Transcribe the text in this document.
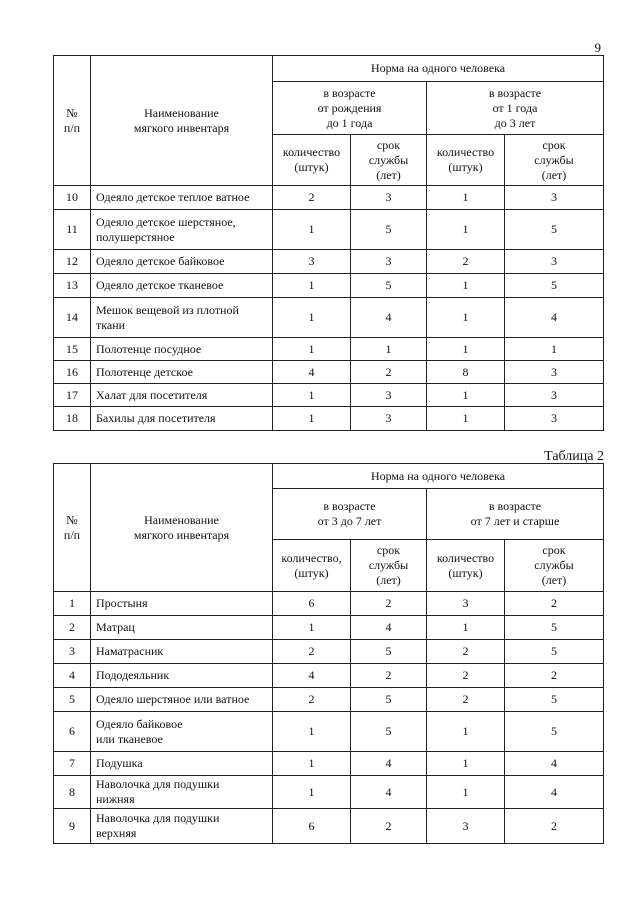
9
№
п/п	Наименование
мягкого инвентаря	Норма на одного человека			
		в возрасте
от рождения
до 1 года		в возрасте
от 1 года
до 3 лет	
		количество
(штук)	срок
службы
(лет)	количество
(штук)	срок
службы
(лет)
10	Одеяло детское теплое ватное	2	3	1	3
11	Одеяло детское шерстяное,
полушерстяное	1	5	1	5
12	Одеяло детское байковое	3	3	2	3
13	Одеяло детское тканевое	1	5	1	5
14	Мешок вещевой из плотной
ткани	1	4	1	4
15	Полотенце посудное	1	1	1	1
16	Полотенце детское	4	2	8	3
17	Халат для посетителя	1	3	1	3
18	Бахилы для посетителя	1	3	1	3
Таблица 2
№
п/п	Наименование
мягкого инвентаря	Норма на одного человека			
		в возрасте
от 3 до 7 лет		в возрасте
от 7 лет и старше	
		количество,
(штук)	срок
службы
(лет)	количество
(штук)	срок
службы
(лет)
1	Простыня	6	2	3	2
2	Матрац	1	4	1	5
3	Наматрасник	2	5	2	5
4	Пододеяльник	4	2	2	2
5	Одеяло шерстяное или ватное	2	5	2	5
6	Одеяло байковое
или тканевое	1	5	1	5
7	Подушка	1	4	1	4
8	Наволочка для подушки
нижняя	1	4	1	4
9	Наволочка для подушки
верхняя	6	2	3	2
